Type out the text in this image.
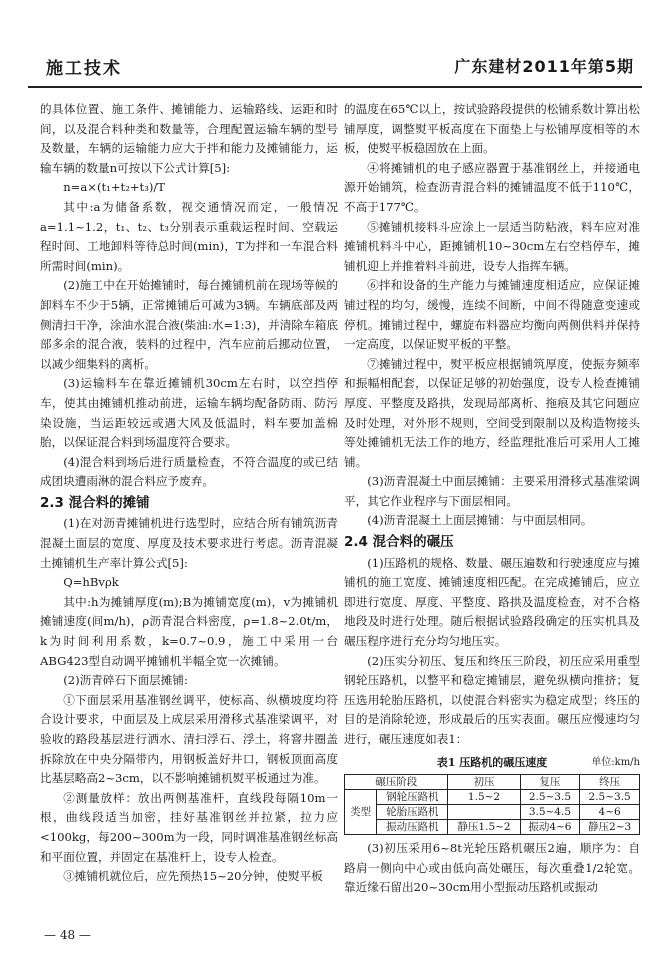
施工技术	广东建材2011年第5期

的具体位置、施工条件、摊铺能力、运输路线、运距和时间，以及混合料种类和数量等，合理配置运输车辆的型号及数量，车辆的运输能力应大于拌和能力及摊铺能力，运输车辆的数量n可按以下公式计算[5]:

n=a×(t₁+t₂+t₃)/T

其中:a为储备系数，视交通情况而定，一般情况a=1.1~1.2，t₁、t₂、t₃分别表示重载运程时间、空载运程时间、工地卸料等待总时间(min)，T为拌和一车混合料所需时间(min)。

(2)施工中在开始摊铺时，每台摊铺机前在现场等候的卸料车不少于5辆，正常摊铺后可减为3辆。车辆底部及两侧清扫干净，涂油水混合液(柴油:水=1:3)，并清除车箱底部多余的混合液，装料的过程中，汽车应前后挪动位置，以减少细集料的离析。

(3)运输料车在靠近摊铺机30cm左右时，以空挡停车，使其由摊铺机推动前进，运输车辆均配备防雨、防污染设施，当运距较远或遇大风及低温时，料车要加盖棉胎，以保证混合料到场温度符合要求。

(4)混合料到场后进行质量检查，不符合温度的或已结成团块遭雨淋的混合料应予废弃。

2.3 混合料的摊铺

(1)在对沥青摊铺机进行选型时，应结合所有铺筑沥青混凝土面层的宽度、厚度及技术要求进行考虑。沥青混凝土摊铺机生产率计算公式[5]:

Q=hBvρk

其中:h为摊铺厚度(m);B为摊铺宽度(m)，v为摊铺机摊铺速度(间m/h)，ρ沥青混合料密度，ρ=1.8~2.0t/m，k为时间利用系数，k=0.7~0.9，施工中采用一台ABG423型自动调平摊铺机半幅全宽一次摊铺。

(2)沥青碎石下面层摊铺:

①下面层采用基准钢丝调平，使标高、纵横坡度均符合设计要求，中面层及上成层采用滑移式基准梁调平，对验收的路段基层进行洒水、清扫浮石、浮土，将窨井圈盖拆除放在中央分隔带内，用钢板盖好井口，钢板顶面高度比基层略高2~3cm，以不影响摊铺机熨平板通过为准。

②测量放样：放出两侧基准杆，直线段每隔10m一根，曲线段适当加密，挂好基准钢丝并拉紧，拉力应<100kg，每200~300m为一段，同时调准基准钢丝标高和平面位置，并固定在基准杆上，设专人检查。

③摊铺机就位后，应先预热15~20分钟，使熨平板

的温度在65℃以上，按试验路段提供的松铺系数计算出松铺厚度，调整熨平板高度在下面垫上与松铺厚度相等的木板，使熨平板稳固放在上面。

④将摊铺机的电子感应器置于基准钢丝上，并接通电源开始铺筑，检查沥青混合料的摊铺温度不低于110℃，不高于177℃。

⑤摊铺机接料斗应涂上一层适当防粘液，料车应对准摊铺机料斗中心，距摊铺机10~30cm左右空档停车，摊铺机迎上并推着料斗前进，设专人指挥车辆。

⑥拌和设备的生产能力与摊铺速度相适应，应保证摊铺过程的均匀，缓慢，连续不间断，中间不得随意变速或停机。摊铺过程中，螺旋布料器应均衡向两侧供料并保持一定高度，以保证熨平板的平整。

⑦摊铺过程中，熨平板应根据铺筑厚度，使振夯频率和振幅相配套，以保证足够的初始强度，设专人检查摊铺厚度、平整度及路拱，发现局部离析、拖痕及其它问题应及时处理，对外形不规则，空间受到限制以及构造物接头等处摊铺机无法工作的地方，经监理批准后可采用人工摊铺。

(3)沥青混凝土中面层摊铺：主要采用滑移式基准梁调平，其它作业程序与下面层相同。

(4)沥青混凝土上面层摊铺：与中面层相同。

2.4 混合料的碾压

(1)压路机的规格、数量、碾压遍数和行驶速度应与摊铺机的施工宽度、摊铺速度相匹配。在完成摊铺后，应立即进行宽度、厚度、平整度、路拱及温度检查，对不合格地段及时进行处理。随后根据试验路段确定的压实机具及碾压程序进行充分均匀地压实。

(2)压实分初压、复压和终压三阶段，初压应采用重型钢轮压路机，以整平和稳定摊铺层，避免纵横向推挤；复压选用轮胎压路机，以使混合料密实为稳定成型；终压的目的是消除轮迹，形成最后的压实表面。碾压应慢速均匀进行，碾压速度如表1：

表1 压路机的碾压速度	单位:km/h
碾压阶段		初压	复压	终压
类型	钢轮压路机	1.5~2	2.5~3.5	2.5~3.5
	轮胎压路机		3.5~4.5	4~6
	振动压路机	静压1.5~2	振动4~6	静压2~3

(3)初压采用6~8t光轮压路机碾压2遍，顺序为：自路肩一侧向中心或由低向高处碾压，每次重叠1/2轮宽。靠近缘石留出20~30cm用小型振动压路机或振动

— 48 —
